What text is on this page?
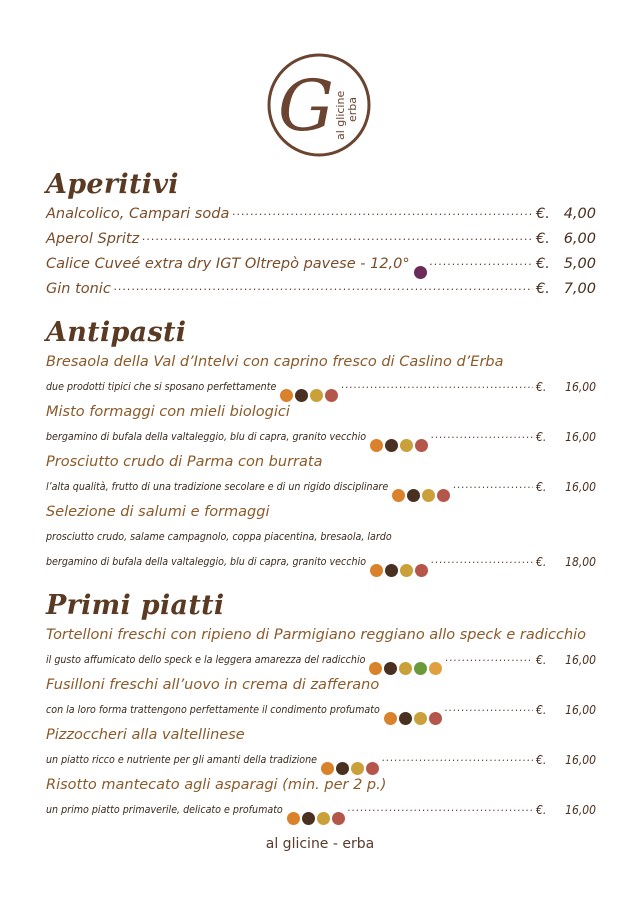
G al glicine erba
Aperitivi
Analcolico, Campari soda .....	€. 4,00
Aperol Spritz .....	€. 6,00
Calice Cuveé extra dry IGT Oltrepò pavese - 12,0° .....	€. 5,00
Gin tonic .....	€. 7,00
Antipasti
Bresaola della Val d’Intelvi con caprino fresco di Caslino d’Erba
due prodotti tipici che si sposano perfettamente .....	€.	16,00
Misto formaggi con mieli biologici
bergamino di bufala della valtaleggio, blu di capra, granito vecchio .....	€.	16,00
Prosciutto crudo di Parma con burrata
l’alta qualità, frutto di una tradizione secolare e di un rigido disciplinare .....	€.	16,00
Selezione di salumi e formaggi
prosciutto crudo, salame campagnolo, coppa piacentina, bresaola, lardo
bergamino di bufala della valtaleggio, blu di capra, granito vecchio .....	€.	18,00
Primi piatti
Tortelloni freschi con ripieno di Parmigiano reggiano allo speck e radicchio
il gusto affumicato dello speck e la leggera amarezza del radicchio .....	€.	16,00
Fusilloni freschi all’uovo in crema di zafferano
con la loro forma trattengono perfettamente il condimento profumato .....	€.	16,00
Pizzoccheri alla valtellinese
un piatto ricco e nutriente per gli amanti della tradizione .....	€.	16,00
Risotto mantecato agli asparagi (min. per 2 p.)
un primo piatto primaverile, delicato e profumato .....	€.	16,00
al glicine - erba
